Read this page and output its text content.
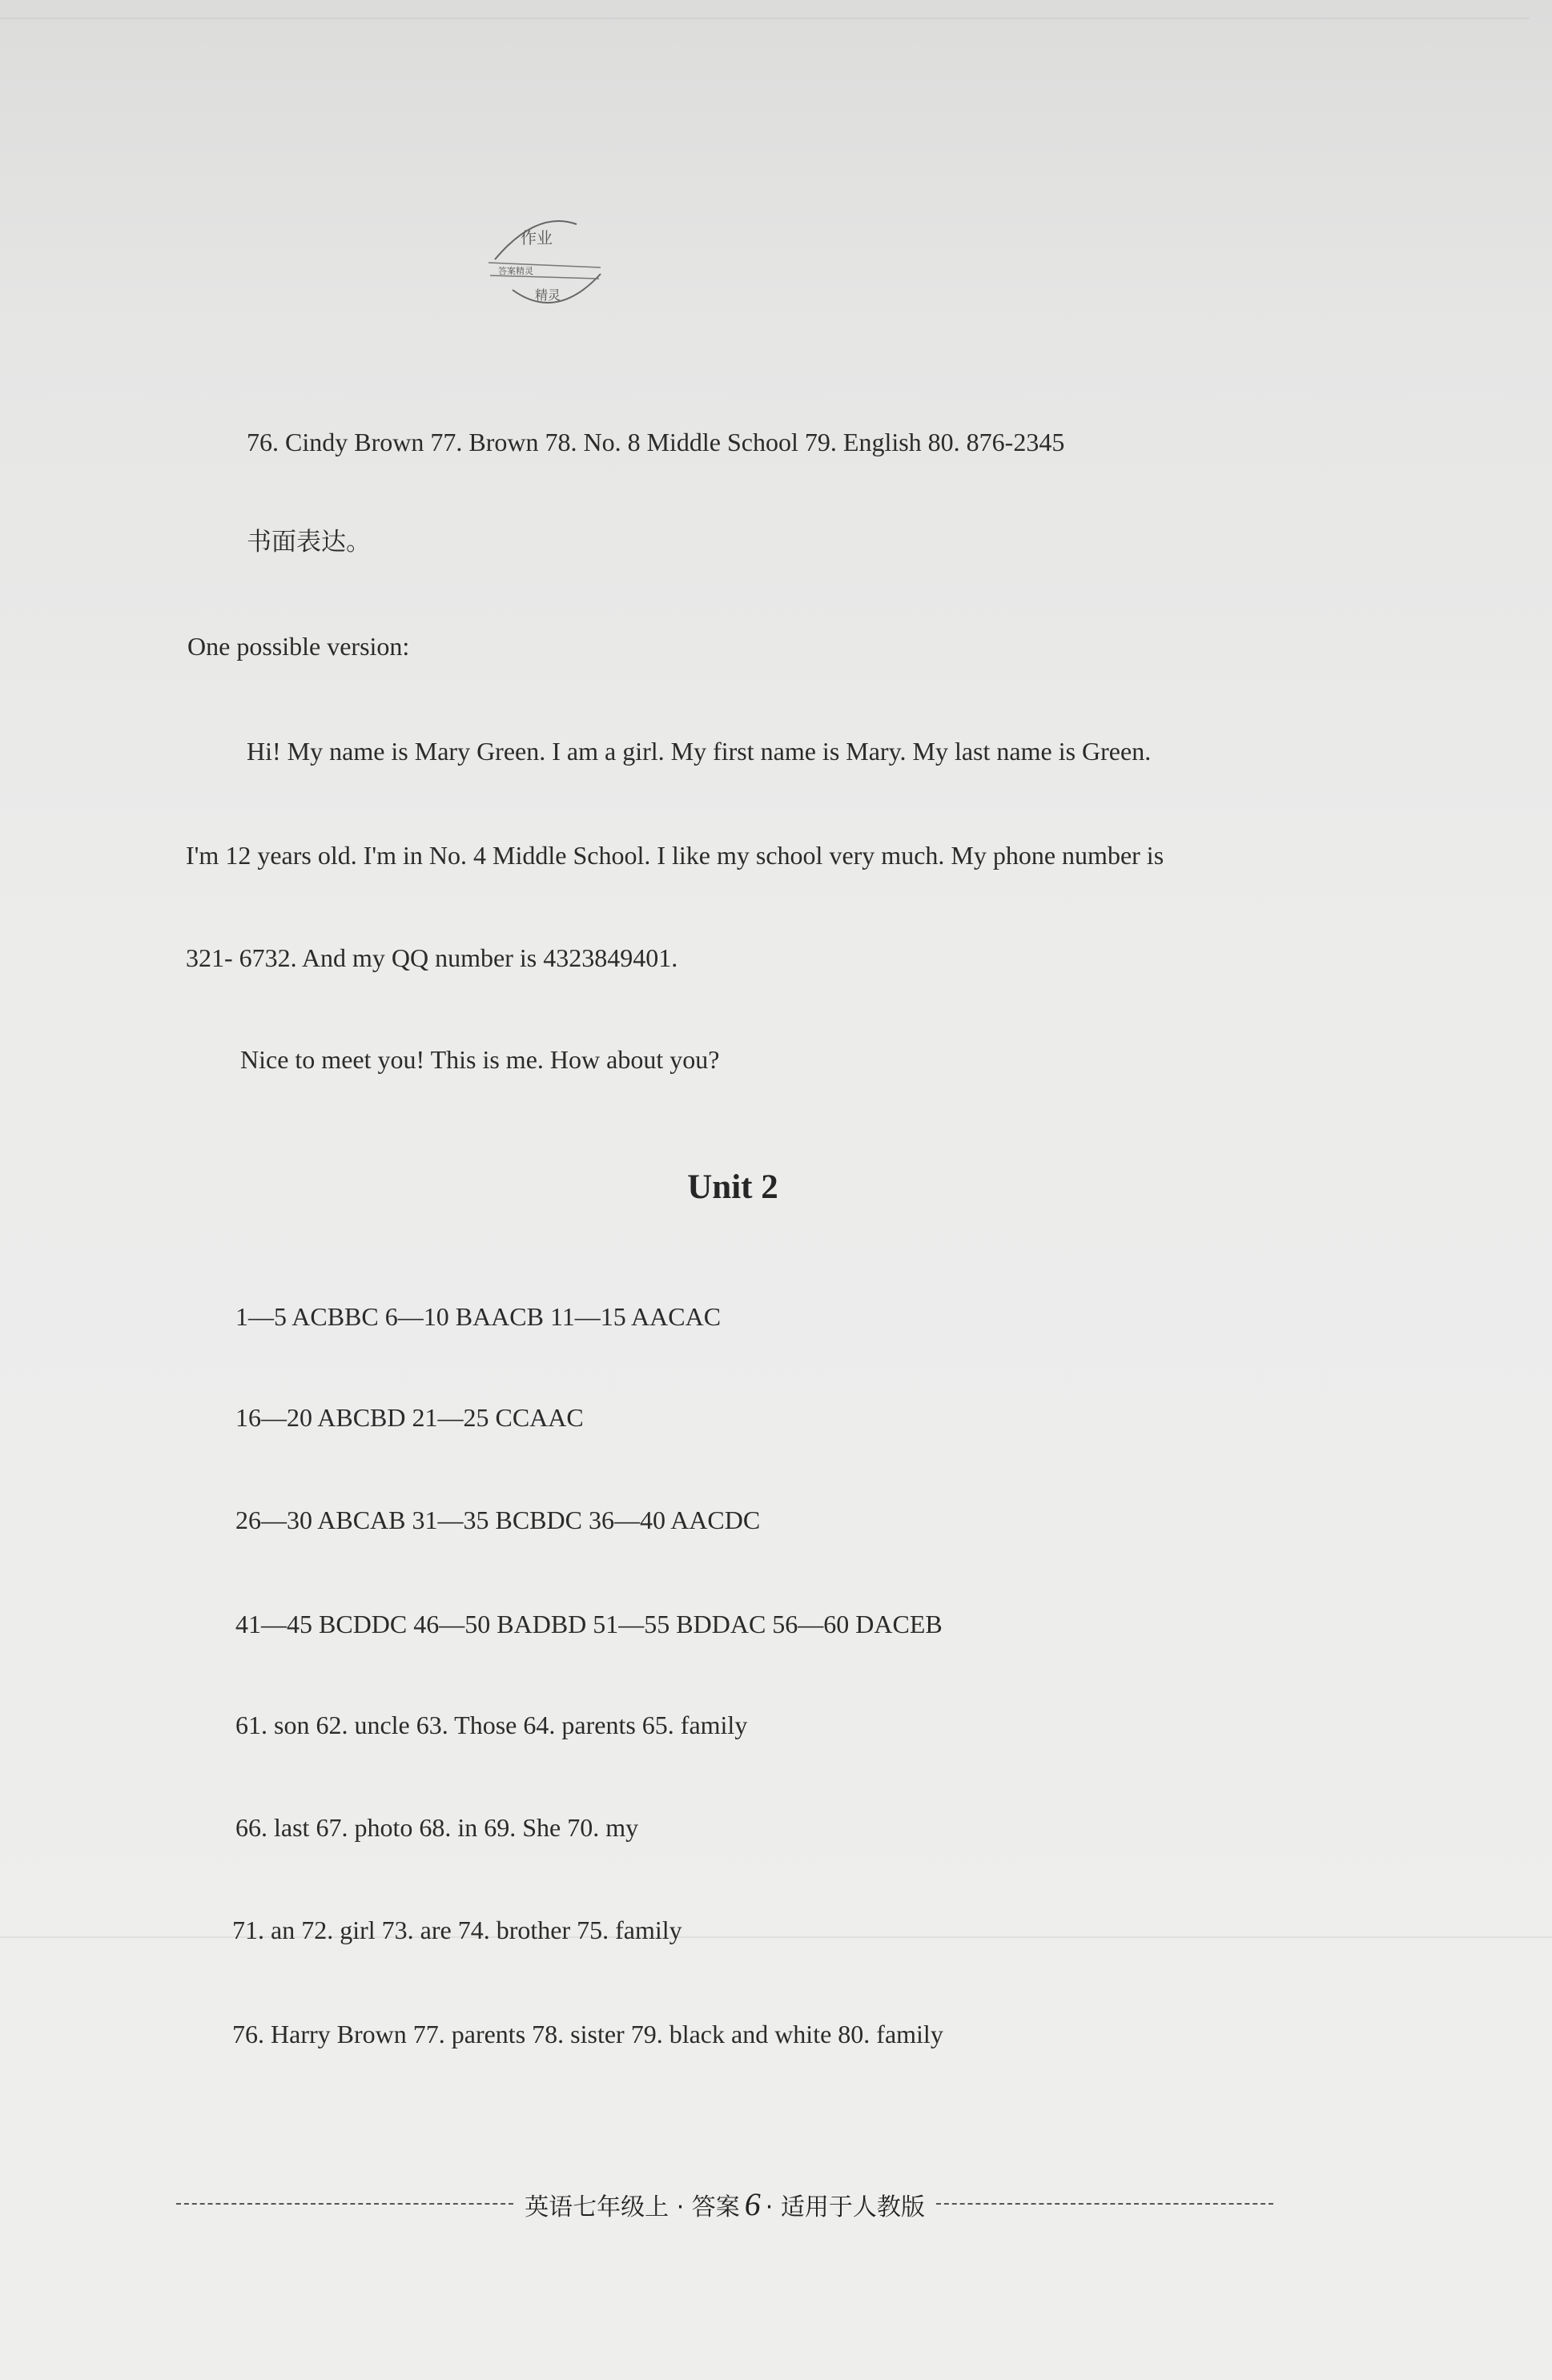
作业
答案精灵
精灵
76. Cindy Brown 77. Brown 78. No. 8 Middle School 79. English 80. 876-2345
书面表达。
One possible version:
Hi! My name is Mary Green. I am a girl. My first name is Mary. My last name is Green.
I'm 12 years old. I'm in No. 4 Middle School. I like my school very much. My phone number is
321- 6732. And my QQ number is 4323849401.
Nice to meet you! This is me. How about you?
Unit 2
1—5 ACBBC 6—10 BAACB 11—15 AACAC
16—20 ABCBD 21—25 CCAAC
26—30 ABCAB 31—35 BCBDC 36—40 AACDC
41—45 BCDDC 46—50 BADBD 51—55 BDDAC 56—60 DACEB
61. son 62. uncle 63. Those 64. parents 65. family
66. last 67. photo 68. in 69. She 70. my
71. an 72. girl 73. are 74. brother 75. family
76. Harry Brown 77. parents 78. sister 79. black and white 80. family
英语七年级上 · 答案 6 · 适用于人教版
